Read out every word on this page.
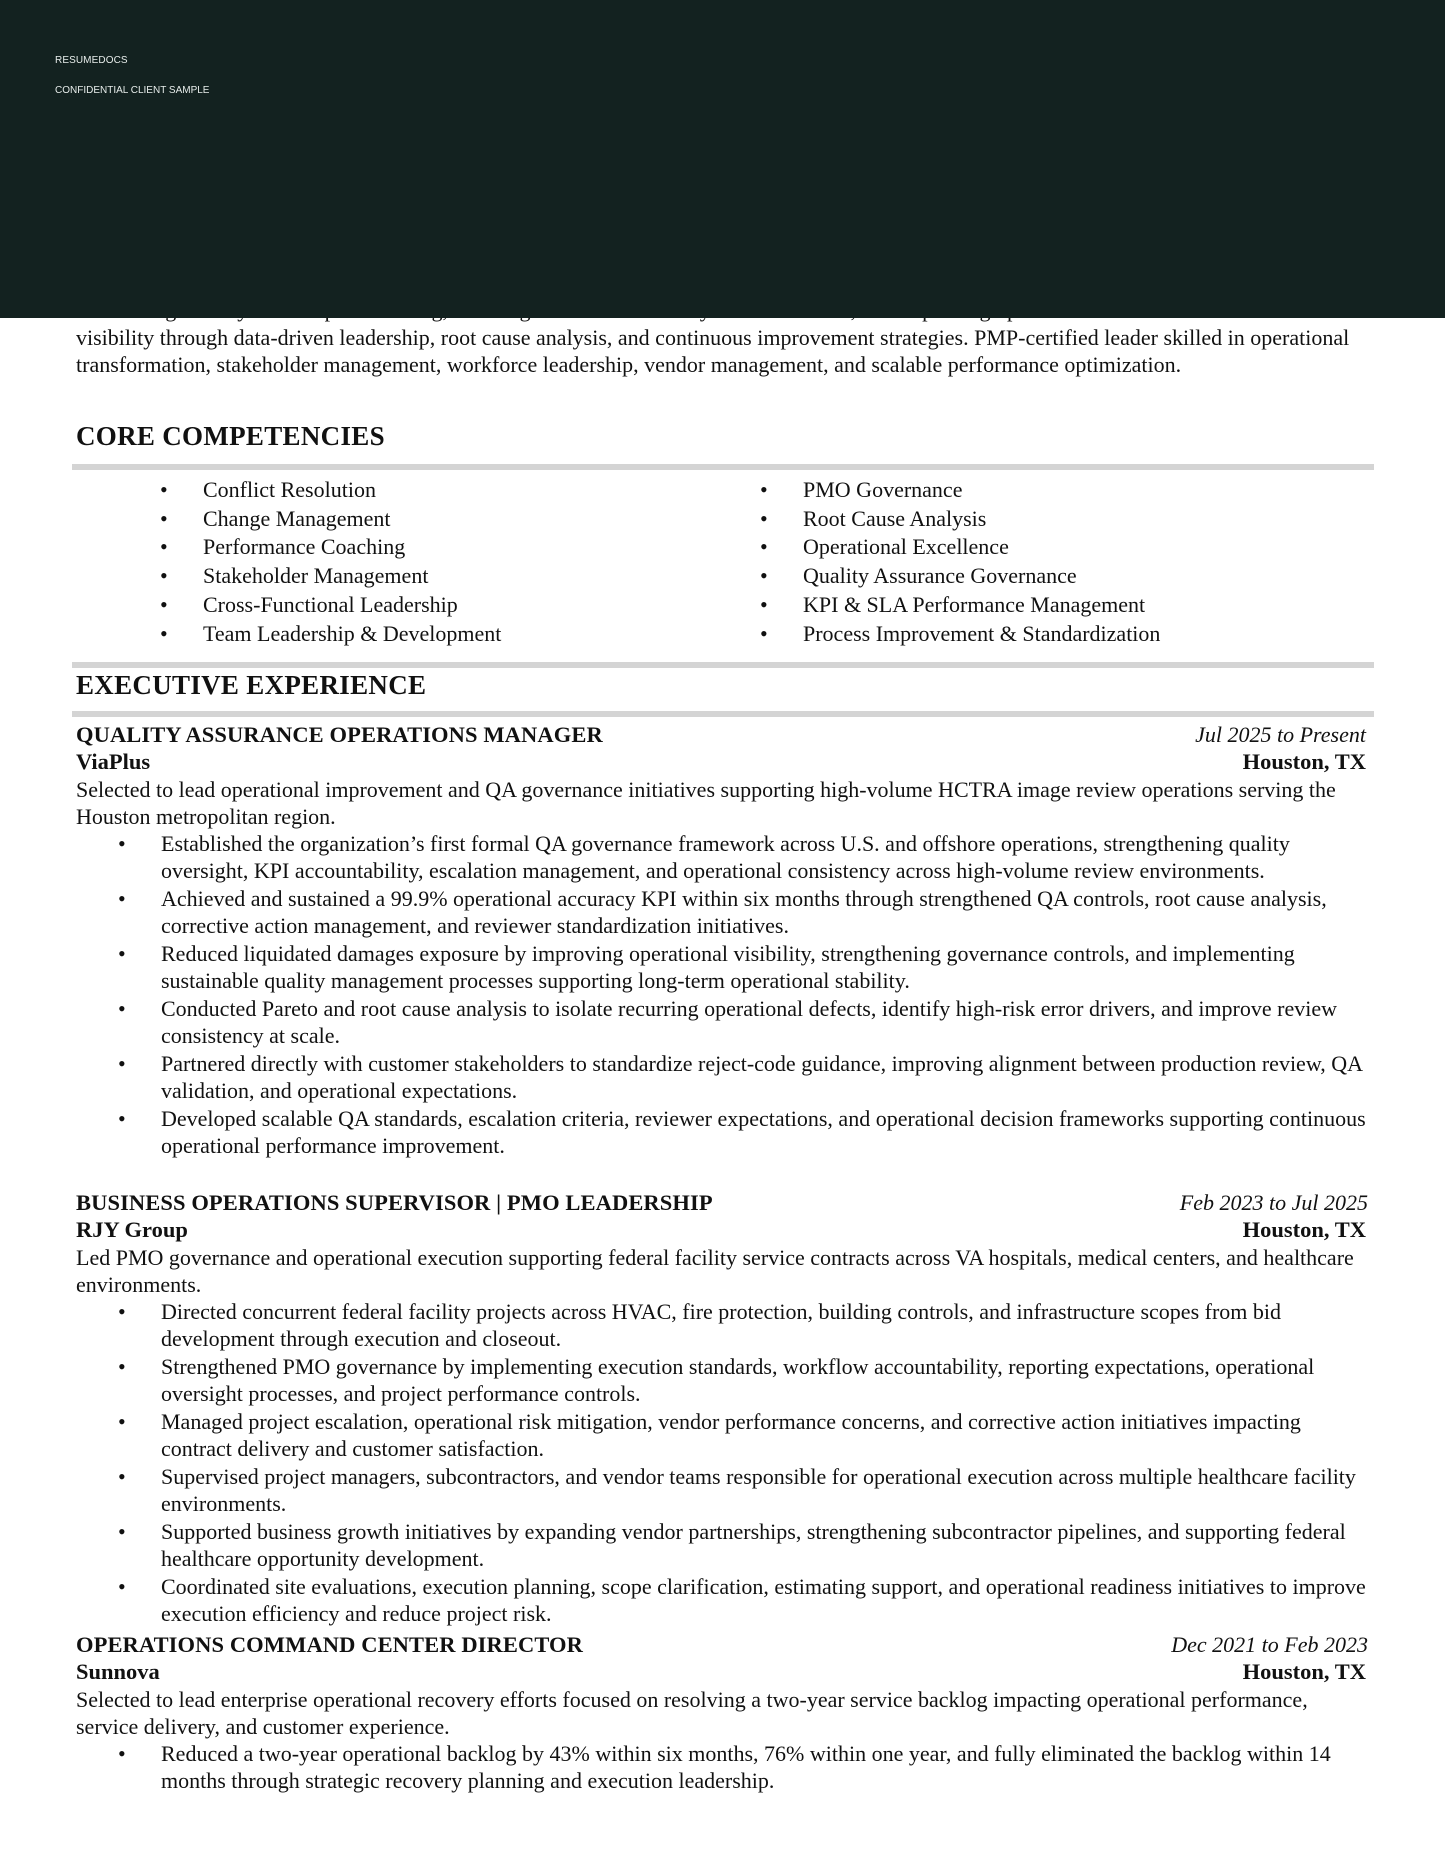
RESUMEDOCS
CONFIDENTIAL CLIENT SAMPLE

visibility through data-driven leadership, root cause analysis, and continuous improvement strategies. PMP-certified leader skilled in operational transformation, stakeholder management, workforce leadership, vendor management, and scalable performance optimization.

CORE COMPETENCIES
• Conflict Resolution
• Change Management
• Performance Coaching
• Stakeholder Management
• Cross-Functional Leadership
• Team Leadership & Development
• PMO Governance
• Root Cause Analysis
• Operational Excellence
• Quality Assurance Governance
• KPI & SLA Performance Management
• Process Improvement & Standardization
EXECUTIVE EXPERIENCE
QUALITY ASSURANCE OPERATIONS MANAGER	Jul 2025 to Present
ViaPlus	Houston, TX
Selected to lead operational improvement and QA governance initiatives supporting high-volume HCTRA image review operations serving the Houston metropolitan region.
• Established the organization’s first formal QA governance framework across U.S. and offshore operations, strengthening quality oversight, KPI accountability, escalation management, and operational consistency across high-volume review environments.
• Achieved and sustained a 99.9% operational accuracy KPI within six months through strengthened QA controls, root cause analysis, corrective action management, and reviewer standardization initiatives.
• Reduced liquidated damages exposure by improving operational visibility, strengthening governance controls, and implementing sustainable quality management processes supporting long-term operational stability.
• Conducted Pareto and root cause analysis to isolate recurring operational defects, identify high-risk error drivers, and improve review consistency at scale.
• Partnered directly with customer stakeholders to standardize reject-code guidance, improving alignment between production review, QA validation, and operational expectations.
• Developed scalable QA standards, escalation criteria, reviewer expectations, and operational decision frameworks supporting continuous operational performance improvement.
BUSINESS OPERATIONS SUPERVISOR | PMO LEADERSHIP	Feb 2023 to Jul 2025
RJY Group	Houston, TX
Led PMO governance and operational execution supporting federal facility service contracts across VA hospitals, medical centers, and healthcare environments.
• Directed concurrent federal facility projects across HVAC, fire protection, building controls, and infrastructure scopes from bid development through execution and closeout.
• Strengthened PMO governance by implementing execution standards, workflow accountability, reporting expectations, operational oversight processes, and project performance controls.
• Managed project escalation, operational risk mitigation, vendor performance concerns, and corrective action initiatives impacting contract delivery and customer satisfaction.
• Supervised project managers, subcontractors, and vendor teams responsible for operational execution across multiple healthcare facility environments.
• Supported business growth initiatives by expanding vendor partnerships, strengthening subcontractor pipelines, and supporting federal healthcare opportunity development.
• Coordinated site evaluations, execution planning, scope clarification, estimating support, and operational readiness initiatives to improve execution efficiency and reduce project risk.
OPERATIONS COMMAND CENTER DIRECTOR	Dec 2021 to Feb 2023
Sunnova	Houston, TX
Selected to lead enterprise operational recovery efforts focused on resolving a two-year service backlog impacting operational performance, service delivery, and customer experience.
• Reduced a two-year operational backlog by 43% within six months, 76% within one year, and fully eliminated the backlog within 14 months through strategic recovery planning and execution leadership.
